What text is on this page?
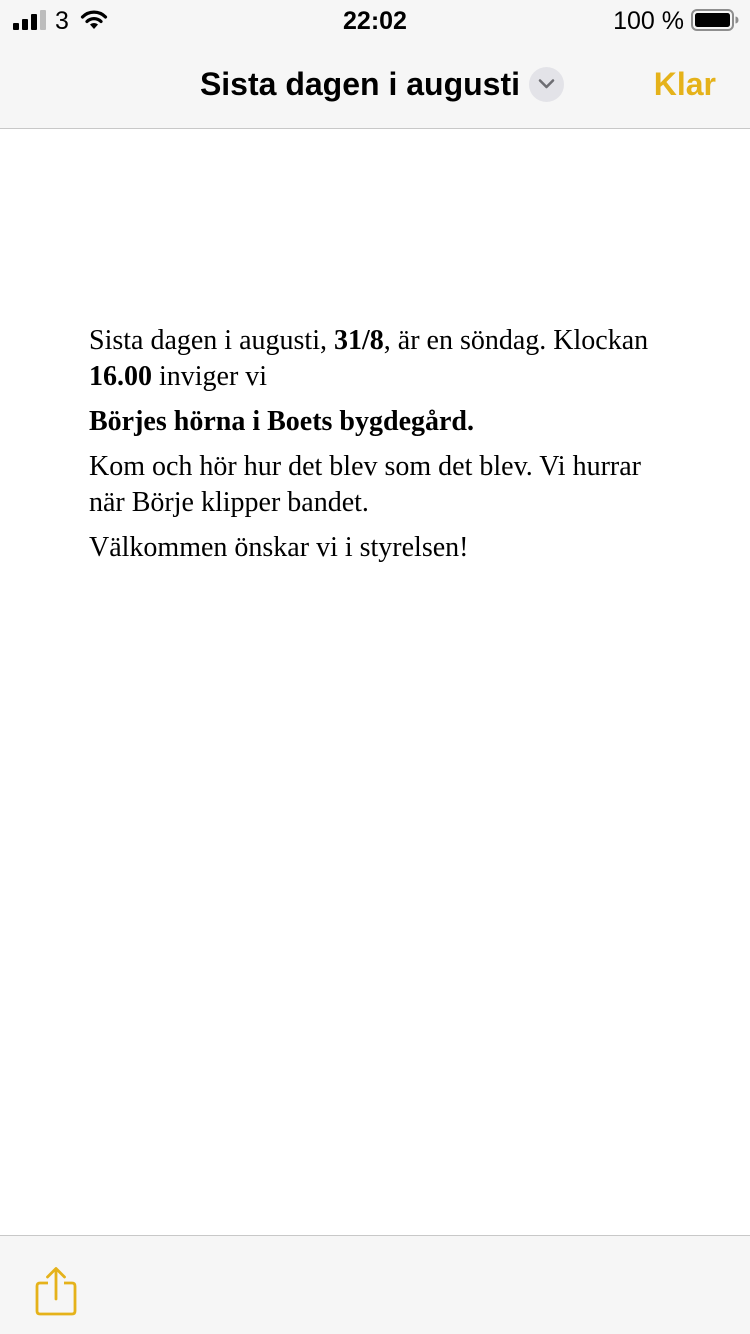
3	22:02	100 %
Sista dagen i augusti	Klar

Sista dagen i augusti, 31/8, är en söndag. Klockan 16.00 inviger vi

Börjes hörna i Boets bygdegård.

Kom och hör hur det blev som det blev. Vi hurrar när Börje klipper bandet.

Välkommen önskar vi i styrelsen!
